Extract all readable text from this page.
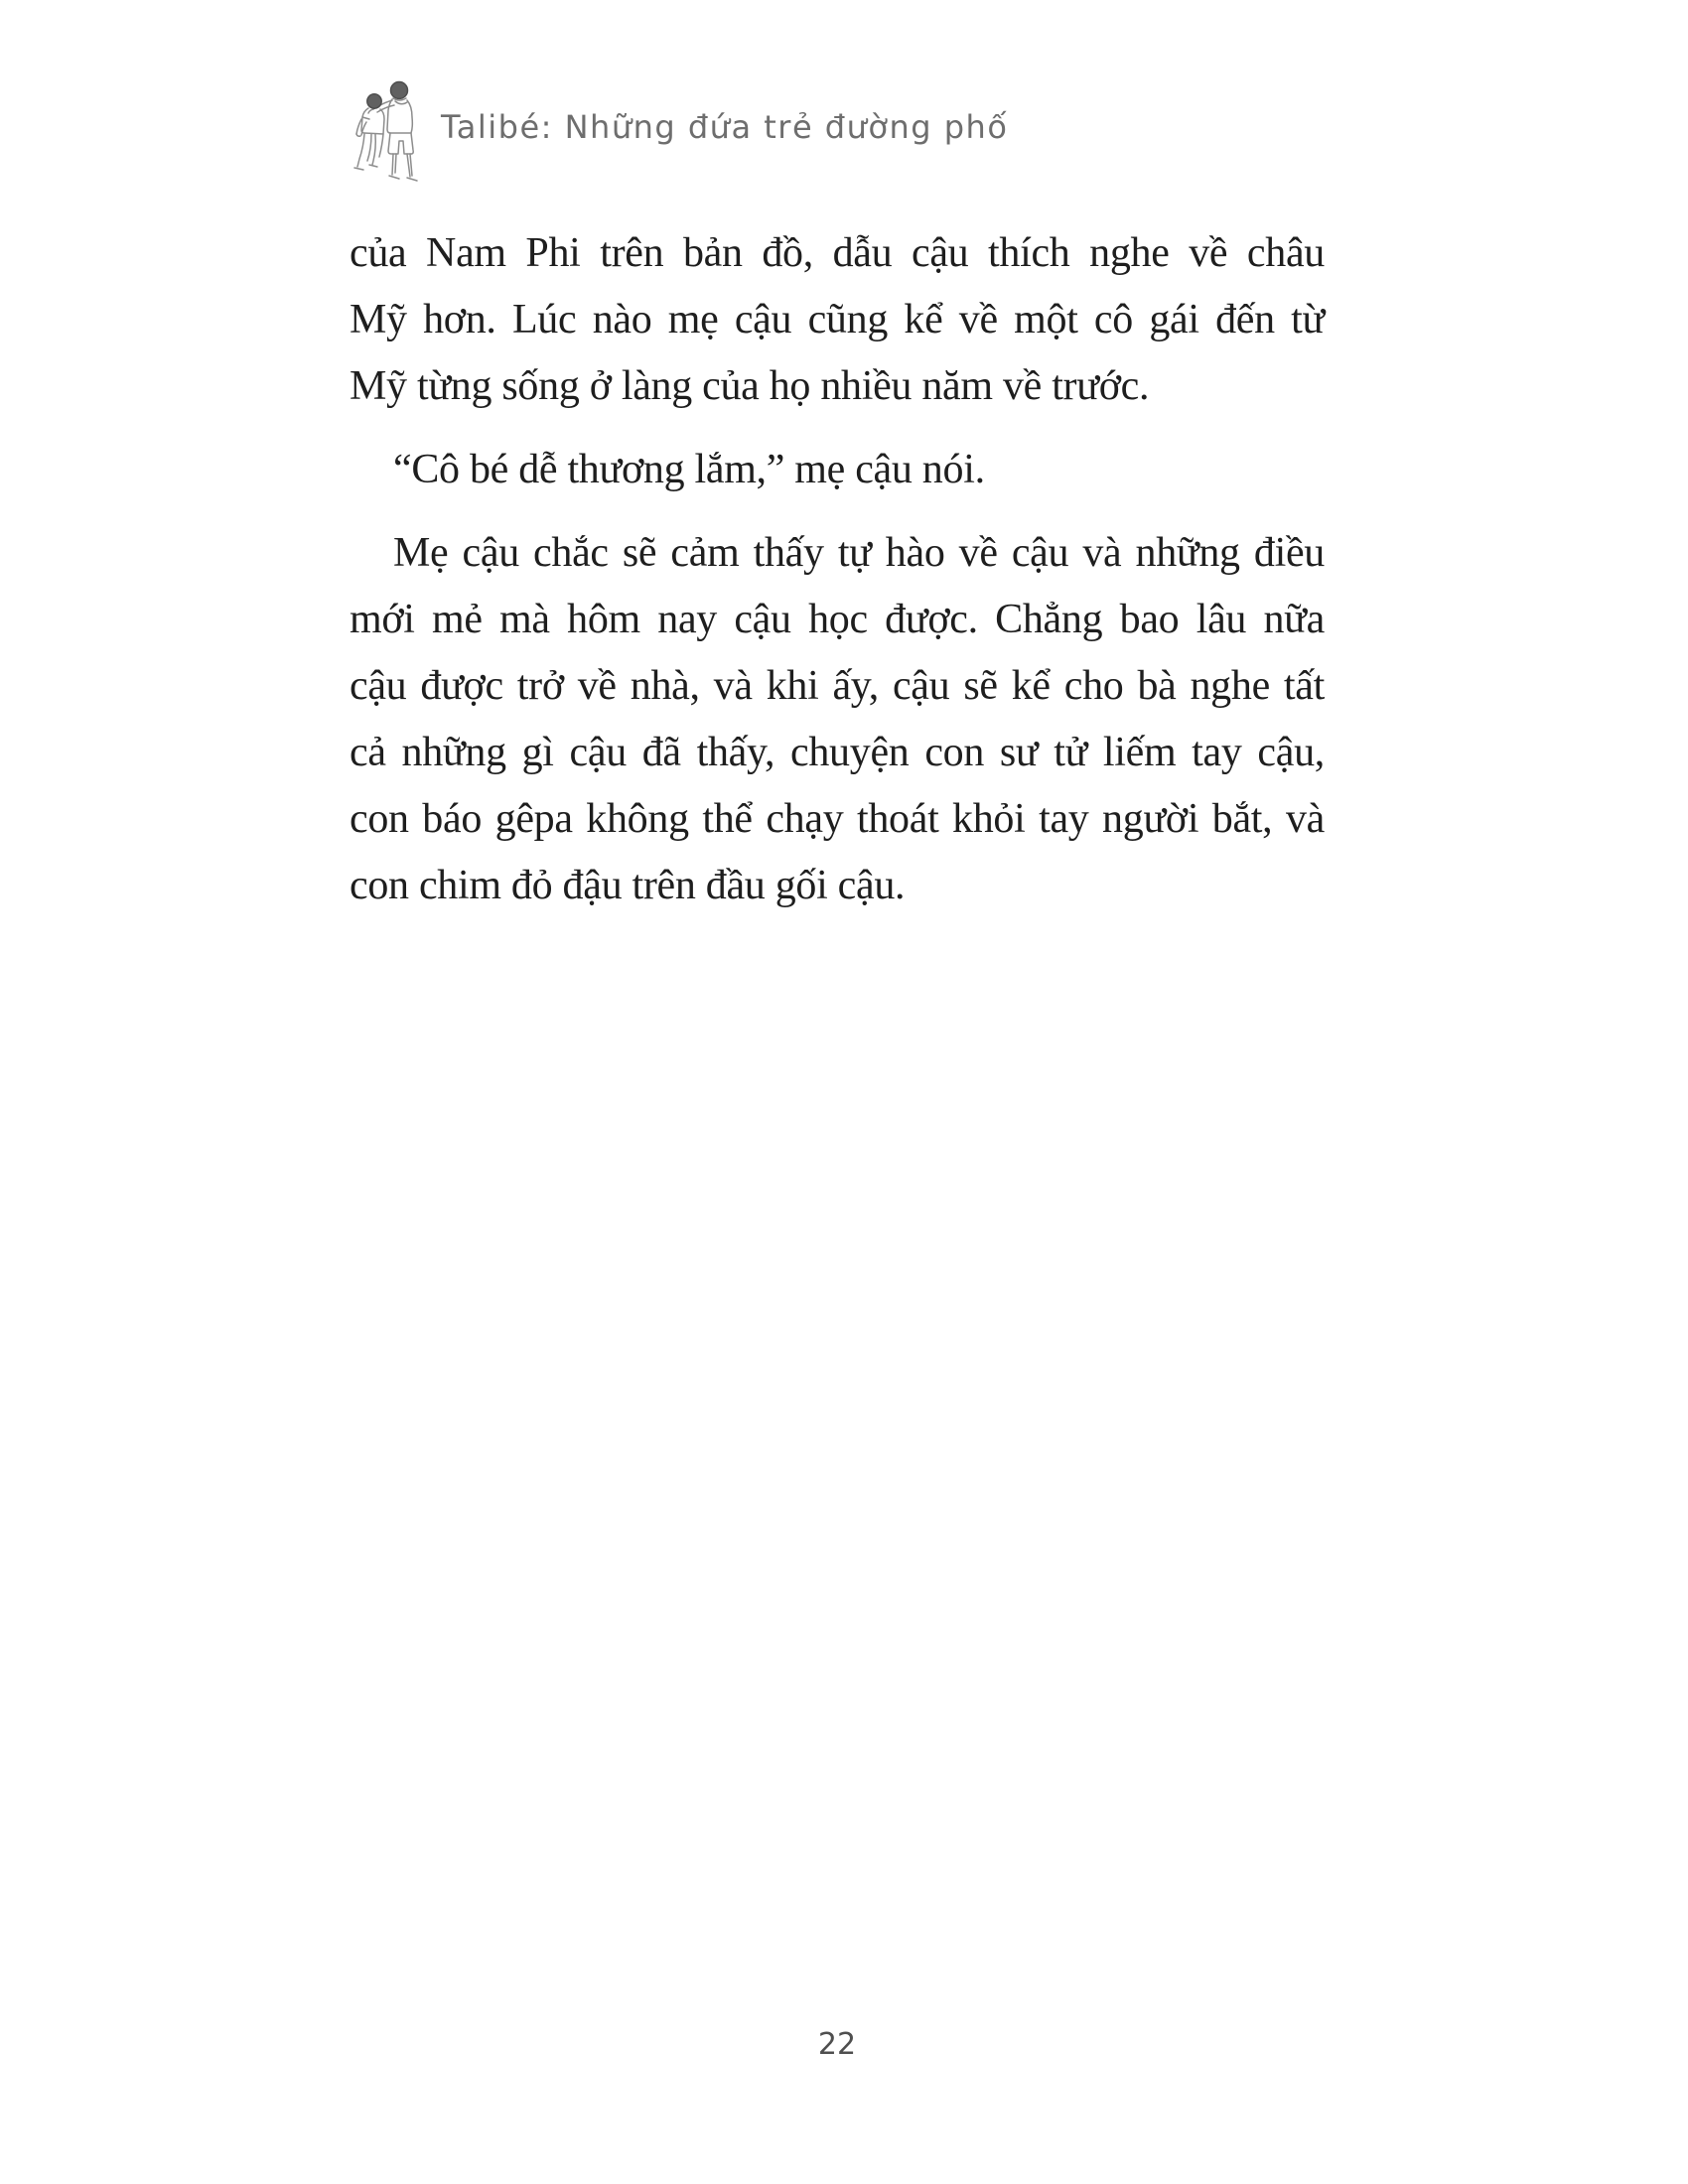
Talibé: Những đứa trẻ đường phố
của Nam Phi trên bản đồ, dẫu cậu thích nghe về châu
Mỹ hơn. Lúc nào mẹ cậu cũng kể về một cô gái đến từ
Mỹ từng sống ở làng của họ nhiều năm về trước.
“Cô bé dễ thương lắm,” mẹ cậu nói.
Mẹ cậu chắc sẽ cảm thấy tự hào về cậu và những điều
mới mẻ mà hôm nay cậu học được. Chẳng bao lâu nữa
cậu được trở về nhà, và khi ấy, cậu sẽ kể cho bà nghe tất
cả những gì cậu đã thấy, chuyện con sư tử liếm tay cậu,
con báo gêpa không thể chạy thoát khỏi tay người bắt, và
con chim đỏ đậu trên đầu gối cậu.
22
